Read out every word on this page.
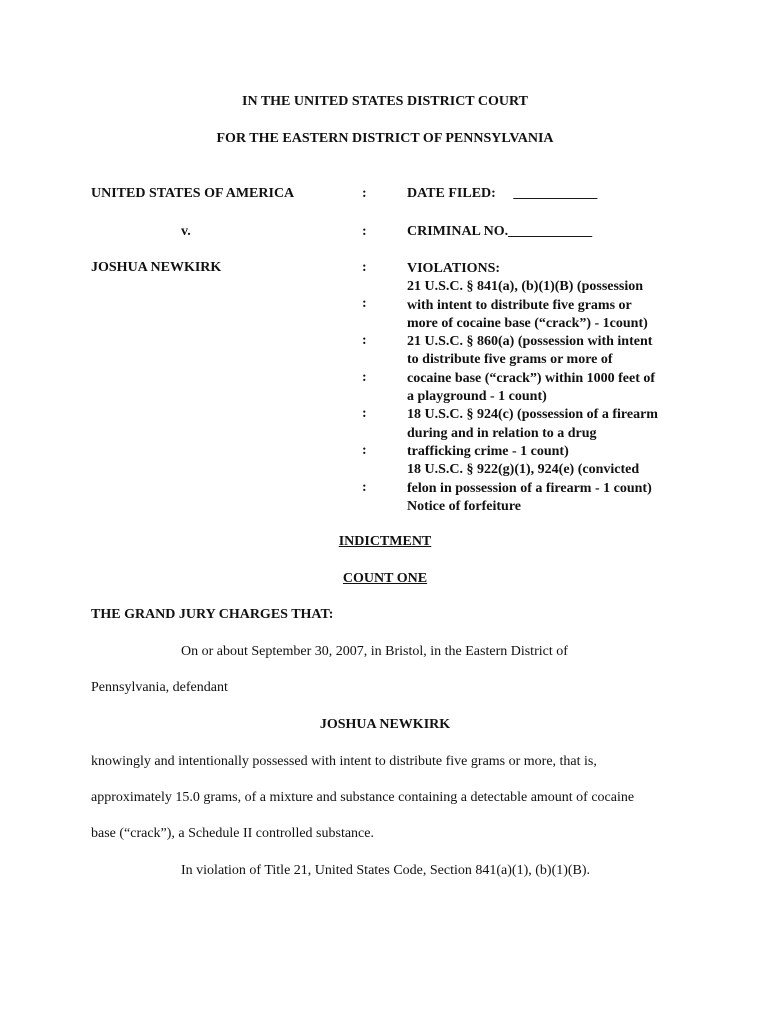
IN THE UNITED STATES DISTRICT COURT
FOR THE EASTERN DISTRICT OF PENNSYLVANIA
UNITED STATES OF AMERICA
v.
JOSHUA NEWKIRK
:
:
:
:
:
:
:
:
:
DATE FILED: ____________
CRIMINAL NO.____________
VIOLATIONS:
21 U.S.C. § 841(a), (b)(1)(B) (possession
with intent to distribute five grams or
more of cocaine base (“crack”) - 1count)
21 U.S.C. § 860(a) (possession with intent
to distribute five grams or more of
cocaine base (“crack”) within 1000 feet of
a playground - 1 count)
18 U.S.C. § 924(c) (possession of a firearm
during and in relation to a drug
trafficking crime - 1 count)
18 U.S.C. § 922(g)(1), 924(e) (convicted
felon in possession of a firearm - 1 count)
Notice of forfeiture
INDICTMENT
COUNT ONE
THE GRAND JURY CHARGES THAT:
On or about September 30, 2007, in Bristol, in the Eastern District of
Pennsylvania, defendant
JOSHUA NEWKIRK
knowingly and intentionally possessed with intent to distribute five grams or more, that is,
approximately 15.0 grams, of a mixture and substance containing a detectable amount of cocaine
base (“crack”), a Schedule II controlled substance.
In violation of Title 21, United States Code, Section 841(a)(1), (b)(1)(B).
